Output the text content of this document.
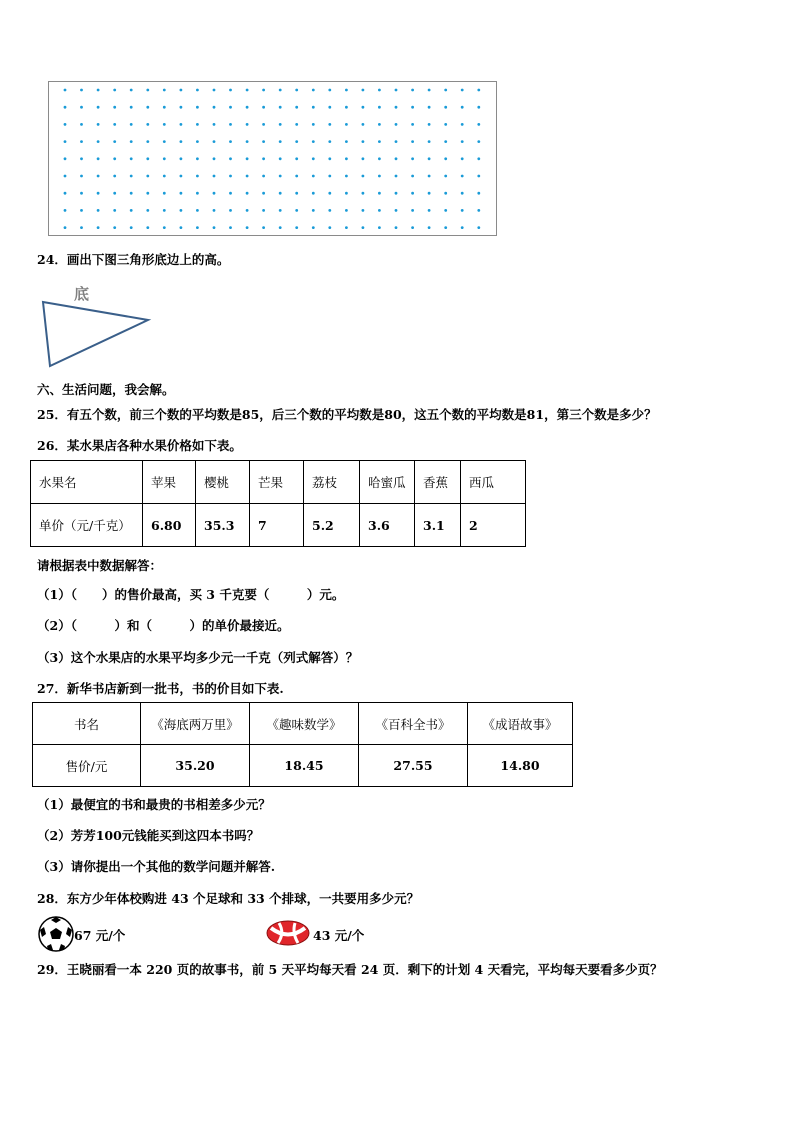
24．画出下图三角形底边上的高。
底
六、生活问题，我会解。
25．有五个数，前三个数的平均数是85，后三个数的平均数是80，这五个数的平均数是81，第三个数是多少？
26．某水果店各种水果价格如下表。
水果名	苹果	樱桃	芒果	荔枝	哈蜜瓜	香蕉	西瓜
单价（元/千克）	6.80	35.3	7	5.2	3.6	3.1	2
请根据表中数据解答：
（1）（　　）的售价最高，买 3 千克要（　　　）元。
（2）（　　　）和（　　　）的单价最接近。
（3）这个水果店的水果平均多少元一千克（列式解答）？
27．新华书店新到一批书，书的价目如下表.
书名	《海底两万里》	《趣味数学》	《百科全书》	《成语故事》
售价/元	35.20	18.45	27.55	14.80
（1）最便宜的书和最贵的书相差多少元？
（2）芳芳100元钱能买到这四本书吗？
（3）请你提出一个其他的数学问题并解答.
28．东方少年体校购进 43 个足球和 33 个排球，一共要用多少元？
67 元/个	43 元/个
29．王晓丽看一本 220 页的故事书，前 5 天平均每天看 24 页．剩下的计划 4 天看完，平均每天要看多少页？
